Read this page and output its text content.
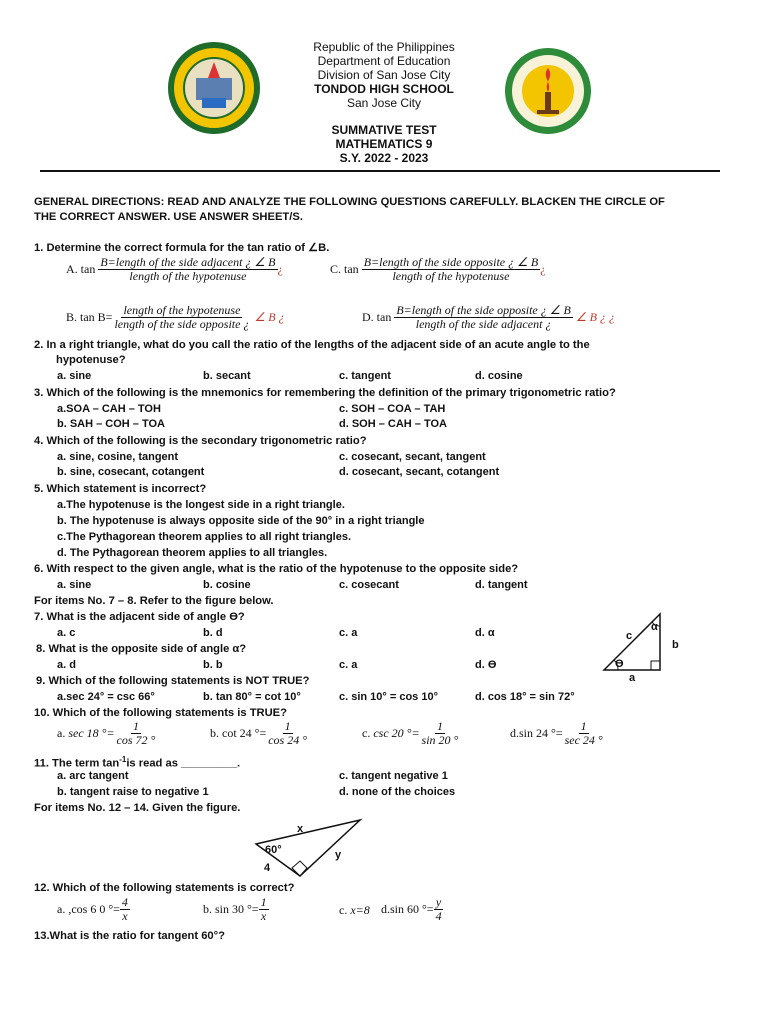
Republic of the Philippines
Department of Education
Division of San Jose City
TONDOD HIGH SCHOOL
San Jose City
SUMMATIVE TEST
MATHEMATICS 9
S.Y. 2022 - 2023
GENERAL DIRECTIONS: READ AND ANALYZE THE FOLLOWING QUESTIONS CAREFULLY. BLACKEN THE CIRCLE OF
THE CORRECT ANSWER. USE ANSWER SHEET/S.
1. Determine the correct formula for the tan ratio of ∠B.
A.
tan
$\frac{\text{B=length of the side adjacent ¿ ∠ B}}{\text{length of the hypotenuse}}$ ¿	C.
tan
$\frac{\text{B=length of the side opposite ¿ ∠ B}}{\text{length of the hypotenuse}}$ ¿
B.
$\tan B= \frac{\text{length of the hypotenuse}}{\text{length of the side opposite ¿}}$
∠ B ¿	D.
tan
$\frac{\text{B=length of the side opposite ¿ ∠ B}}{\text{length of the side adjacent ¿}}$
∠ B ¿ ¿
2. In a right triangle, what do you call the ratio of the lengths of the adjacent side of an acute angle to the
hypotenuse?
a. sine	b. secant	c. tangent	d. cosine
3. Which of the following is the mnemonics for remembering the definition of the primary trigonometric ratio?
a.SOA – CAH – TOH	c. SOH – COA – TAH
b. SAH – COH – TOA	d. SOH – CAH – TOA
4. Which of the following is the secondary trigonometric ratio?
a. sine, cosine, tangent	c. cosecant, secant, tangent
b. sine, cosecant, cotangent	d. cosecant, secant, cotangent
5. Which statement is incorrect?
a.The hypotenuse is the longest side in a right triangle.
b. The hypotenuse is always opposite side of the 90° in a right triangle
c.The Pythagorean theorem applies to all right triangles.
d. The Pythagorean theorem applies to all triangles.
6. With respect to the given angle, what is the ratio of the hypotenuse to the opposite side?
a. sine	b. cosine	c. cosecant	d. tangent
For items No. 7 – 8. Refer to the figure below.
7. What is the adjacent side of angle ϴ?
a. c	b. d	c. a	d. α
8. What is the opposite side of angle α?
a. d	b. b	c. a	d. ϴ
α
ϴ
c
b
a
9. Which of the following statements is NOT TRUE?
a.sec 24° = csc 66°	b. tan 80° = cot 10°	c. sin 10° = cos 10°	d. cos 18° = sin 72°
10. Which of the following statements is TRUE?
a.
sec 18 °= $\frac{1}{\cos 72 ^\circ}$	b.
cot 24 °= $\frac{1}{\cos 24 ^\circ}$	c.
csc 20 °= $\frac{1}{\sin 20 ^\circ}$	d. sin 24 °= $\frac{1}{\sec 24 ^\circ}$
11. The term $\tan^{-1}is$ read as _________.
a. arc tangent	c. tangent negative 1
b. tangent raise to negative 1	d. none of the choices
For items No. 12 – 14. Given the figure.
x
60°	y
4
12. Which of the following statements is correct?
a. , cos 6 0 °= $\frac{4}{x}$	b.
sin 30 °= $\frac{1}{x}$	c.
x=8 d. sin 60 °= $\frac{y}{4}$
13.What is the ratio for tangent 60°?
